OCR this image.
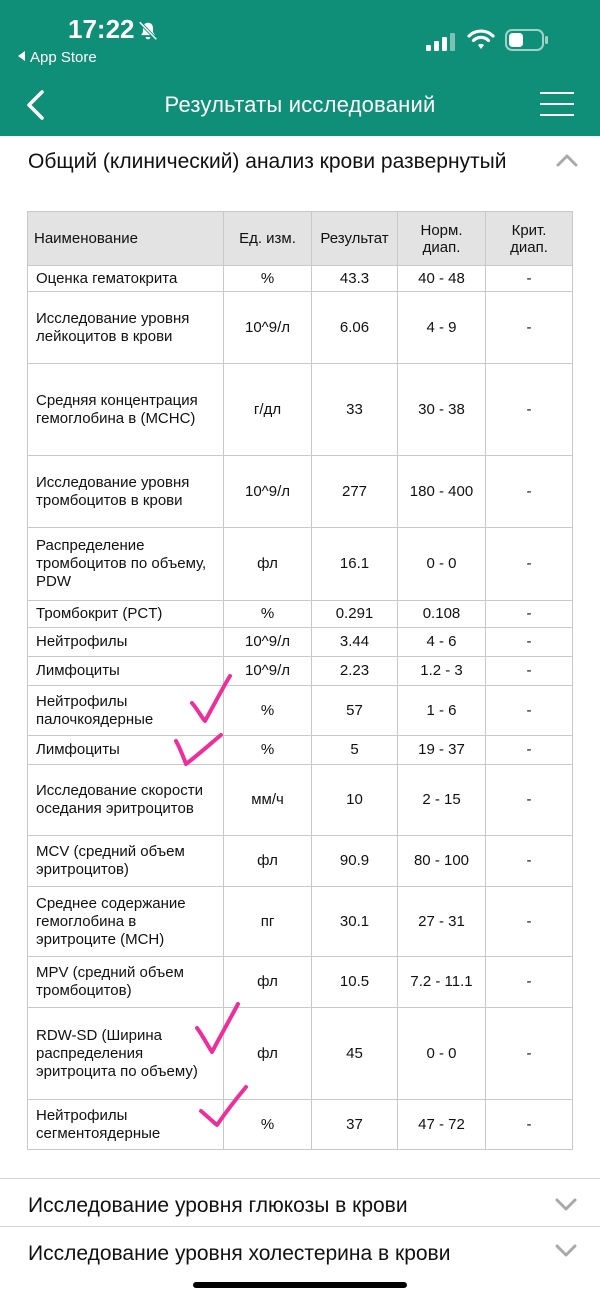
17:22
App Store
Результаты исследований
Общий (клинический) анализ крови развернутый
Наименование	Ед. изм.	Результат	Норм. диап.	Крит. диап.
Оценка гематокрита	%	43.3	40 - 48	-
Исследование уровня лейкоцитов в крови	10^9/л	6.06	4 - 9	-
Средняя концентрация гемоглобина в (MCHC)	г/дл	33	30 - 38	-
Исследование уровня тромбоцитов в крови	10^9/л	277	180 - 400	-
Распределение тромбоцитов по объему, PDW	фл	16.1	0 - 0	-
Тромбокрит (PCT)	%	0.291	0.108	-
Нейтрофилы	10^9/л	3.44	4 - 6	-
Лимфоциты	10^9/л	2.23	1.2 - 3	-
Нейтрофилы палочкоядерные	%	57	1 - 6	-
Лимфоциты	%	5	19 - 37	-
Исследование скорости оседания эритроцитов	мм/ч	10	2 - 15	-
MCV (средний объем эритроцитов)	фл	90.9	80 - 100	-
Среднее содержание гемоглобина в эритроците (MCH)	пг	30.1	27 - 31	-
MPV (средний объем тромбоцитов)	фл	10.5	7.2 - 11.1	-
RDW-SD (Ширина распределения эритроцита по объему)	фл	45	0 - 0	-
Нейтрофилы сегментоядерные	%	37	47 - 72	-
Исследование уровня глюкозы в крови
Исследование уровня холестерина в крови
